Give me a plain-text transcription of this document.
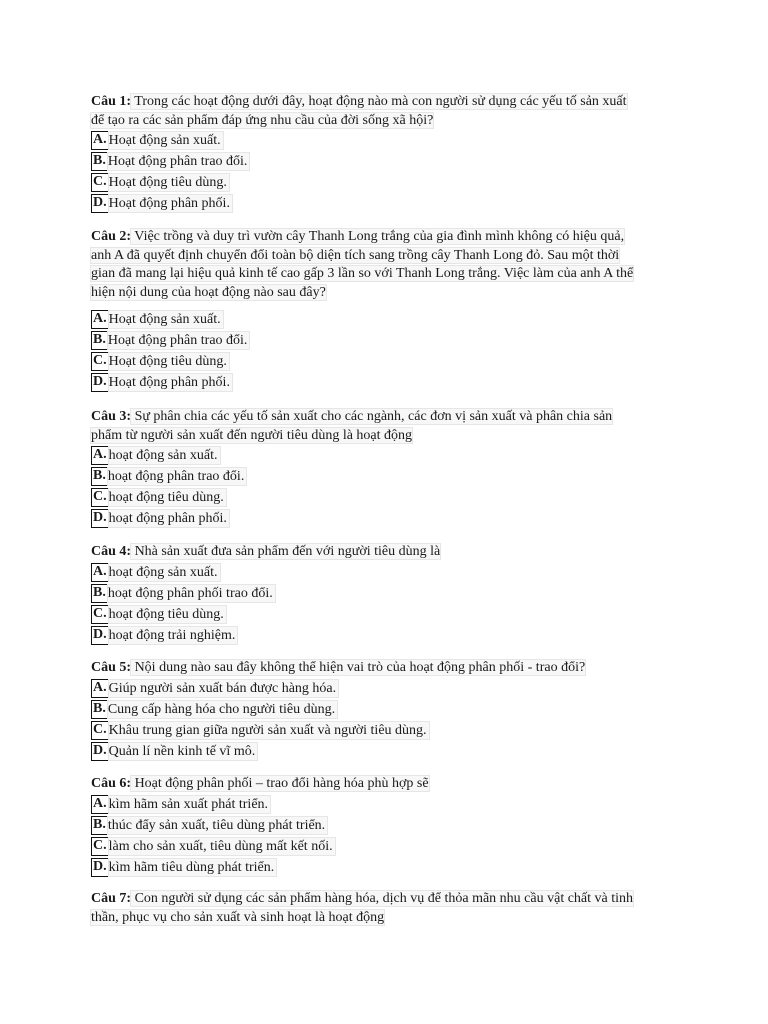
Câu 1: Trong các hoạt động dưới đây, hoạt động nào mà con người sử dụng các yếu tố sản xuất
để tạo ra các sản phẩm đáp ứng nhu cầu của đời sống xã hội?
A. Hoạt động sản xuất.
B. Hoạt động phân trao đổi.
C. Hoạt động tiêu dùng.
D. Hoạt động phân phối.
Câu 2: Việc trồng và duy trì vườn cây Thanh Long trắng của gia đình mình không có hiệu quả,
anh A đã quyết định chuyển đổi toàn bộ diện tích sang trồng cây Thanh Long đỏ. Sau một thời
gian đã mang lại hiệu quả kinh tế cao gấp 3 lần so với Thanh Long trắng. Việc làm của anh A thể
hiện nội dung của hoạt động nào sau đây?
A. Hoạt động sản xuất.
B. Hoạt động phân trao đổi.
C. Hoạt động tiêu dùng.
D. Hoạt động phân phối.
Câu 3: Sự phân chia các yếu tố sản xuất cho các ngành, các đơn vị sản xuất và phân chia sản
phẩm từ người sản xuất đến người tiêu dùng là hoạt động
A. hoạt động sản xuất.
B. hoạt động phân trao đổi.
C. hoạt động tiêu dùng.
D. hoạt động phân phối.
Câu 4: Nhà sản xuất đưa sản phẩm đến với người tiêu dùng là
A. hoạt động sản xuất.
B. hoạt động phân phối trao đổi.
C. hoạt động tiêu dùng.
D. hoạt động trải nghiệm.
Câu 5: Nội dung nào sau đây không thể hiện vai trò của hoạt động phân phối - trao đổi?
A. Giúp người sản xuất bán được hàng hóa.
B. Cung cấp hàng hóa cho người tiêu dùng.
C. Khâu trung gian giữa người sản xuất và người tiêu dùng.
D. Quản lí nền kinh tế vĩ mô.
Câu 6: Hoạt động phân phối – trao đổi hàng hóa phù hợp sẽ
A. kìm hãm sản xuất phát triển.
B. thúc đẩy sản xuất, tiêu dùng phát triển.
C. làm cho sản xuất, tiêu dùng mất kết nối.
D. kìm hãm tiêu dùng phát triển.
Câu 7: Con người sử dụng các sản phẩm hàng hóa, dịch vụ để thỏa mãn nhu cầu vật chất và tinh
thần, phục vụ cho sản xuất và sinh hoạt là hoạt động
